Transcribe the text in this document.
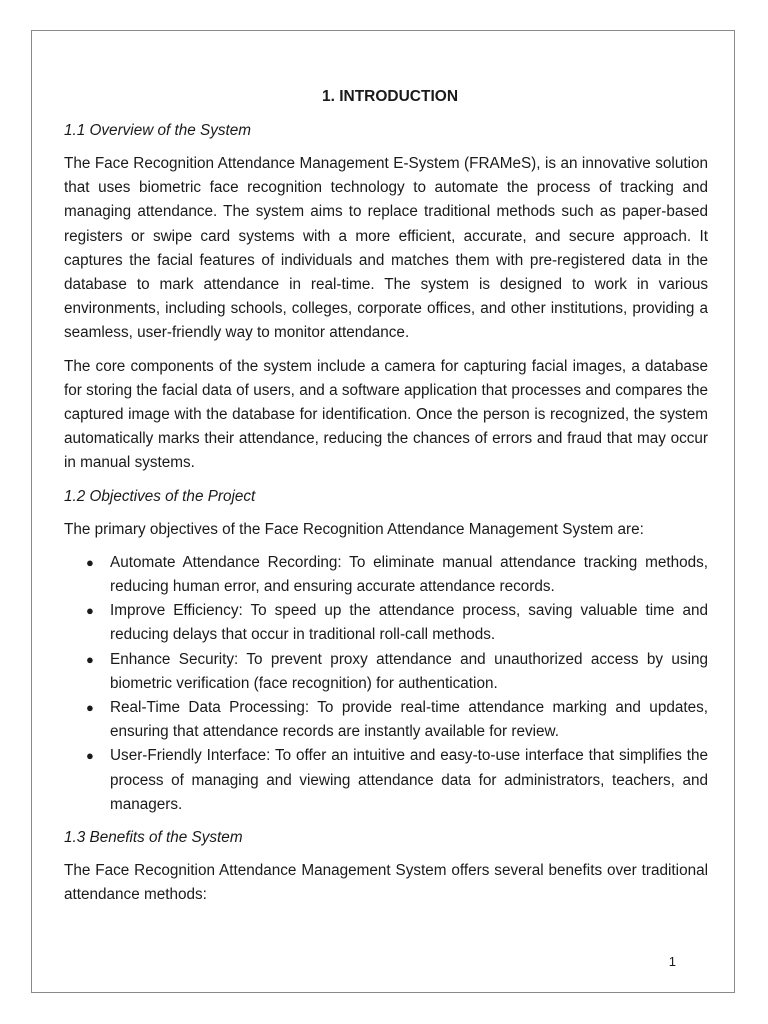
1. INTRODUCTION
1.1 Overview of the System

The Face Recognition Attendance Management E-System (FRAMeS), is an innovative solution that uses biometric face recognition technology to automate the process of tracking and managing attendance. The system aims to replace traditional methods such as paper-based registers or swipe card systems with a more efficient, accurate, and secure approach. It captures the facial features of individuals and matches them with pre-registered data in the database to mark attendance in real-time. The system is designed to work in various environments, including schools, colleges, corporate offices, and other institutions, providing a seamless, user-friendly way to monitor attendance.

The core components of the system include a camera for capturing facial images, a database for storing the facial data of users, and a software application that processes and compares the captured image with the database for identification. Once the person is recognized, the system automatically marks their attendance, reducing the chances of errors and fraud that may occur in manual systems.

1.2 Objectives of the Project

The primary objectives of the Face Recognition Attendance Management System are:

● Automate Attendance Recording: To eliminate manual attendance tracking methods, reducing human error, and ensuring accurate attendance records.
● Improve Efficiency: To speed up the attendance process, saving valuable time and reducing delays that occur in traditional roll-call methods.
● Enhance Security: To prevent proxy attendance and unauthorized access by using biometric verification (face recognition) for authentication.
● Real-Time Data Processing: To provide real-time attendance marking and updates, ensuring that attendance records are instantly available for review.
● User-Friendly Interface: To offer an intuitive and easy-to-use interface that simplifies the process of managing and viewing attendance data for administrators, teachers, and managers.
1.3 Benefits of the System

The Face Recognition Attendance Management System offers several benefits over traditional attendance methods:

1
